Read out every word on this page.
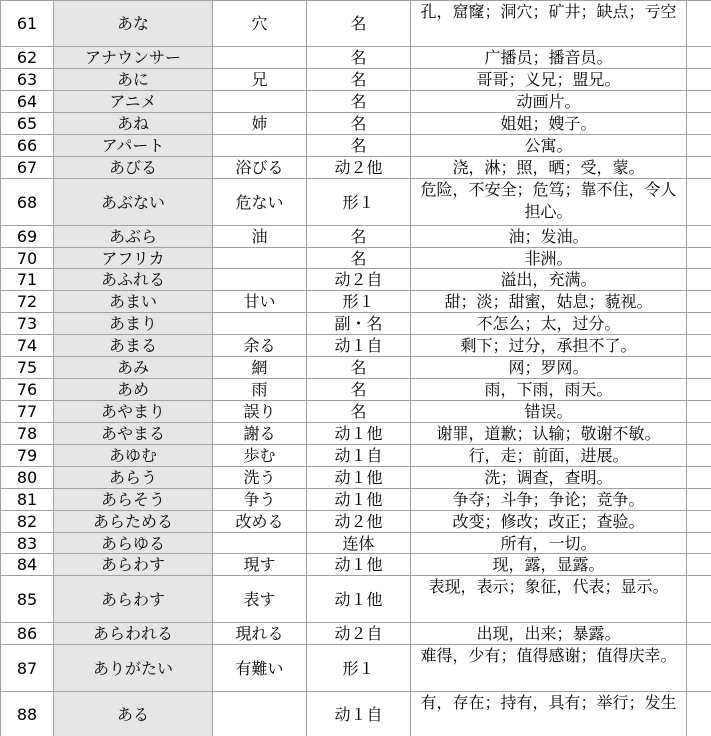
61	あな	穴	名	孔，窟窿；洞穴；矿井；缺点；亏空	
62	アナウンサー		名	广播员；播音员。	
63	あに	兄	名	哥哥；义兄；盟兄。	
64	アニメ		名	动画片。	
65	あね	姉	名	姐姐；嫂子。	
66	アパート		名	公寓。	
67	あびる	浴びる	动２他	浇，淋；照，晒；受，蒙。	
68	あぶない	危ない	形１	危险，不安全；危笃；靠不住，令人担心。	
69	あぶら	油	名	油；发油。	
70	アフリカ		名	非洲。	
71	あふれる		动２自	溢出，充满。	
72	あまい	甘い	形１	甜；淡；甜蜜，姑息；藐视。	
73	あまり		副・名	不怎么；太，过分。	
74	あまる	余る	动１自	剩下；过分，承担不了。	
75	あみ	網	名	网；罗网。	
76	あめ	雨	名	雨，下雨，雨天。	
77	あやまり	誤り	名	错误。	
78	あやまる	謝る	动１他	谢罪，道歉；认输；敬谢不敏。	
79	あゆむ	歩む	动１自	行，走；前面，进展。	
80	あらう	洗う	动１他	洗；调查，查明。	
81	あらそう	争う	动１他	争夺；斗争；争论；竞争。	
82	あらためる	改める	动２他	改变；修改；改正；查验。	
83	あらゆる		连体	所有，一切。	
84	あらわす	現す	动１他	现，露，显露。	
85	あらわす	表す	动１他	表现，表示；象征，代表；显示。	
86	あらわれる	現れる	动２自	出现，出来；暴露。	
87	ありがたい	有難い	形１	难得，少有；值得感谢；值得庆幸。	
88	ある		动１自	有，存在；持有，具有；举行；发生	
